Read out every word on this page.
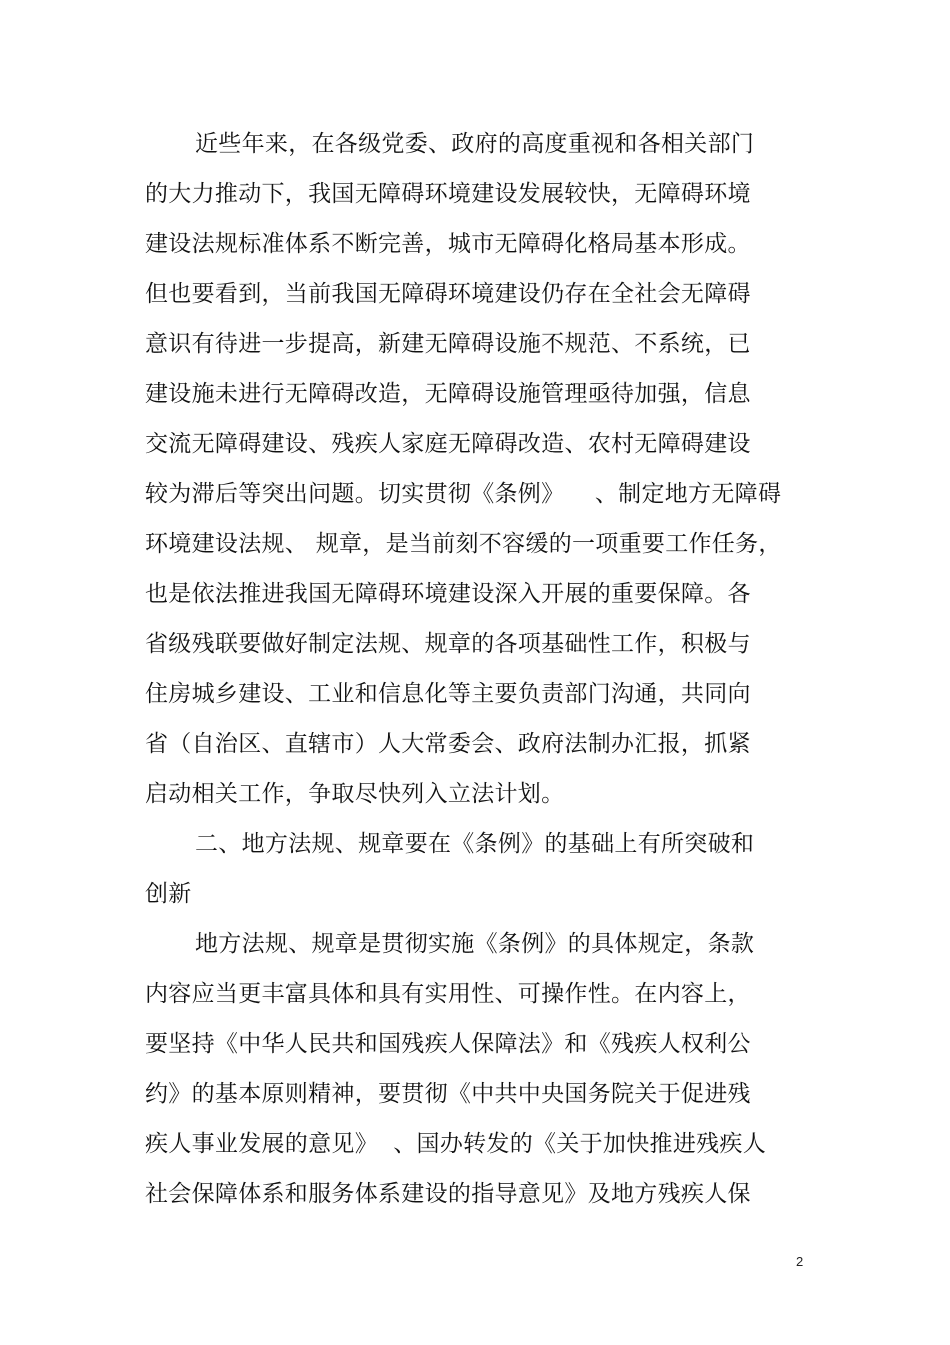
近些年来，在各级党委、政府的高度重视和各相关部门
的大力推动下，我国无障碍环境建设发展较快，无障碍环境
建设法规标准体系不断完善，城市无障碍化格局基本形成。
但也要看到，当前我国无障碍环境建设仍存在全社会无障碍
意识有待进一步提高，新建无障碍设施不规范、不系统，已
建设施未进行无障碍改造，无障碍设施管理亟待加强，信息
交流无障碍建设、残疾人家庭无障碍改造、农村无障碍建设
较为滞后等突出问题。切实贯彻《条例》    、制定地方无障碍
环境建设法规、 规章，是当前刻不容缓的一项重要工作任务，
也是依法推进我国无障碍环境建设深入开展的重要保障。各
省级残联要做好制定法规、规章的各项基础性工作，积极与
住房城乡建设、工业和信息化等主要负责部门沟通，共同向
省（自治区、直辖市）人大常委会、政府法制办汇报，抓紧
启动相关工作，争取尽快列入立法计划。
二、地方法规、规章要在《条例》的基础上有所突破和
创新
地方法规、规章是贯彻实施《条例》的具体规定，条款
内容应当更丰富具体和具有实用性、可操作性。在内容上，
要坚持《中华人民共和国残疾人保障法》和《残疾人权利公
约》的基本原则精神，要贯彻《中共中央国务院关于促进残
疾人事业发展的意见》  、国办转发的《关于加快推进残疾人
社会保障体系和服务体系建设的指导意见》及地方残疾人保
2
